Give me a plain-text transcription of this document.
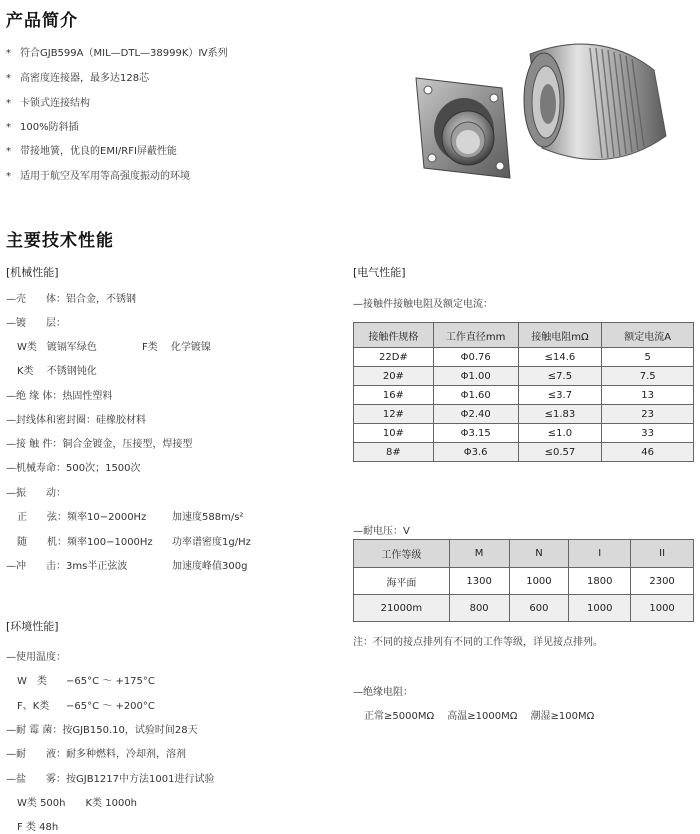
产品简介
* 符合GJB599A（MIL—DTL—38999K）Ⅳ系列
* 高密度连接器，最多达128芯
* 卡锁式连接结构
* 100%防斜插
* 带接地簧，优良的EMI/RFI屏蔽性能
* 适用于航空及军用等高强度振动的环境
主要技术性能
[机械性能]
—壳　　体：铝合金，不锈钢
—镀　　层：
W类　镀镉军绿色	F类　 化学镀镍
K类　 不锈钢钝化
—绝 缘 体：热固性塑料
—封线体和密封圈：硅橡胶材料
—接 触 件：铜合金镀金，压接型，焊接型
—机械寿命：500次；1500次
—振　　动：
正　　弦：频率10−2000Hz	加速度588m/s²
随　　机：频率100−1000Hz 功率谱密度1g/Hz
—冲　　击：3ms半正弦波	加速度峰值300g
[环境性能]
—使用温度：
W　类 −65°C ～ +175°C
F、K类 −65°C ～ +200°C
—耐 霉 菌：按GJB150.10，试验时间28天
—耐　　液：耐多种燃料，冷却剂，溶剂
—盐　　雾：按GJB1217中方法1001进行试验
W类 500h　　K类 1000h
F 类 48h
[电气性能]
—接触件接触电阻及额定电流：
接触件规格	工作直径mm	接触电阻mΩ	额定电流A
22D#	Φ0.76	≤14.6	5
20#	Φ1.00	≤7.5	7.5
16#	Φ1.60	≤3.7	13
12#	Φ2.40	≤1.83	23
10#	Φ3.15	≤1.0	33
8#	Φ3.6	≤0.57	46
—耐电压：V
工作等级	M	N	I	II
海平面	1300	1000	1800	2300
21000m	800	600	1000	1000
注：不同的接点排列有不同的工作等级，详见接点排列。
—绝缘电阻：
正常≥5000MΩ　 高温≥1000MΩ　 潮湿≥100MΩ
